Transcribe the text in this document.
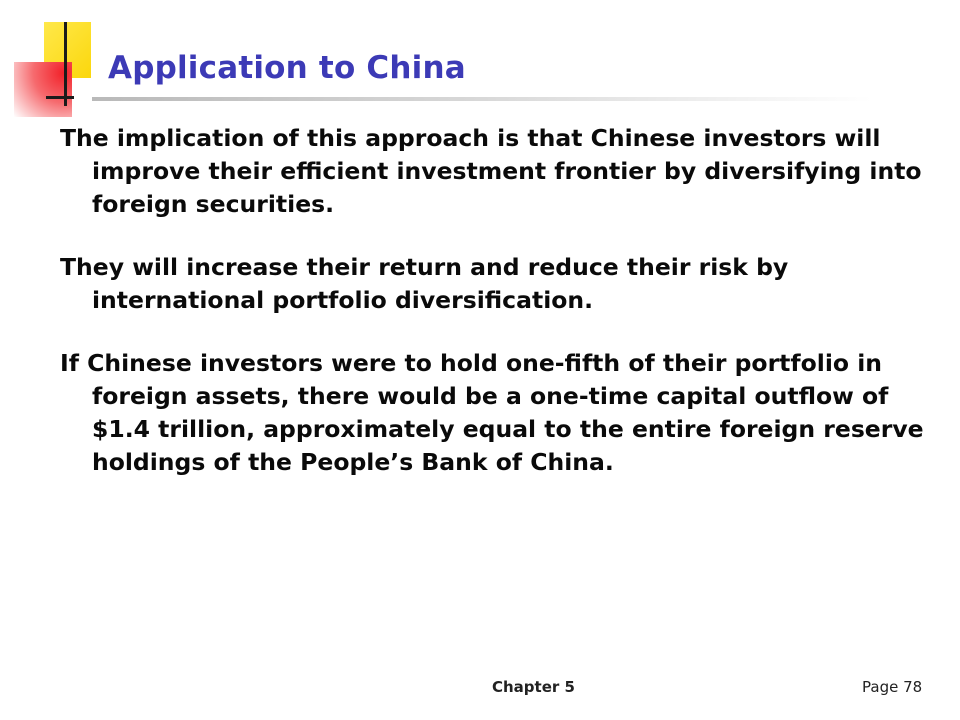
Application to China

The implication of this approach is that Chinese investors will improve their efficient investment frontier by diversifying into foreign securities.

They will increase their return and reduce their risk by international portfolio diversification.

If Chinese investors were to hold one-fifth of their portfolio in foreign assets, there would be a one-time capital outflow of $1.4 trillion, approximately equal to the entire foreign reserve holdings of the People’s Bank of China.

Chapter 5	Page 78
